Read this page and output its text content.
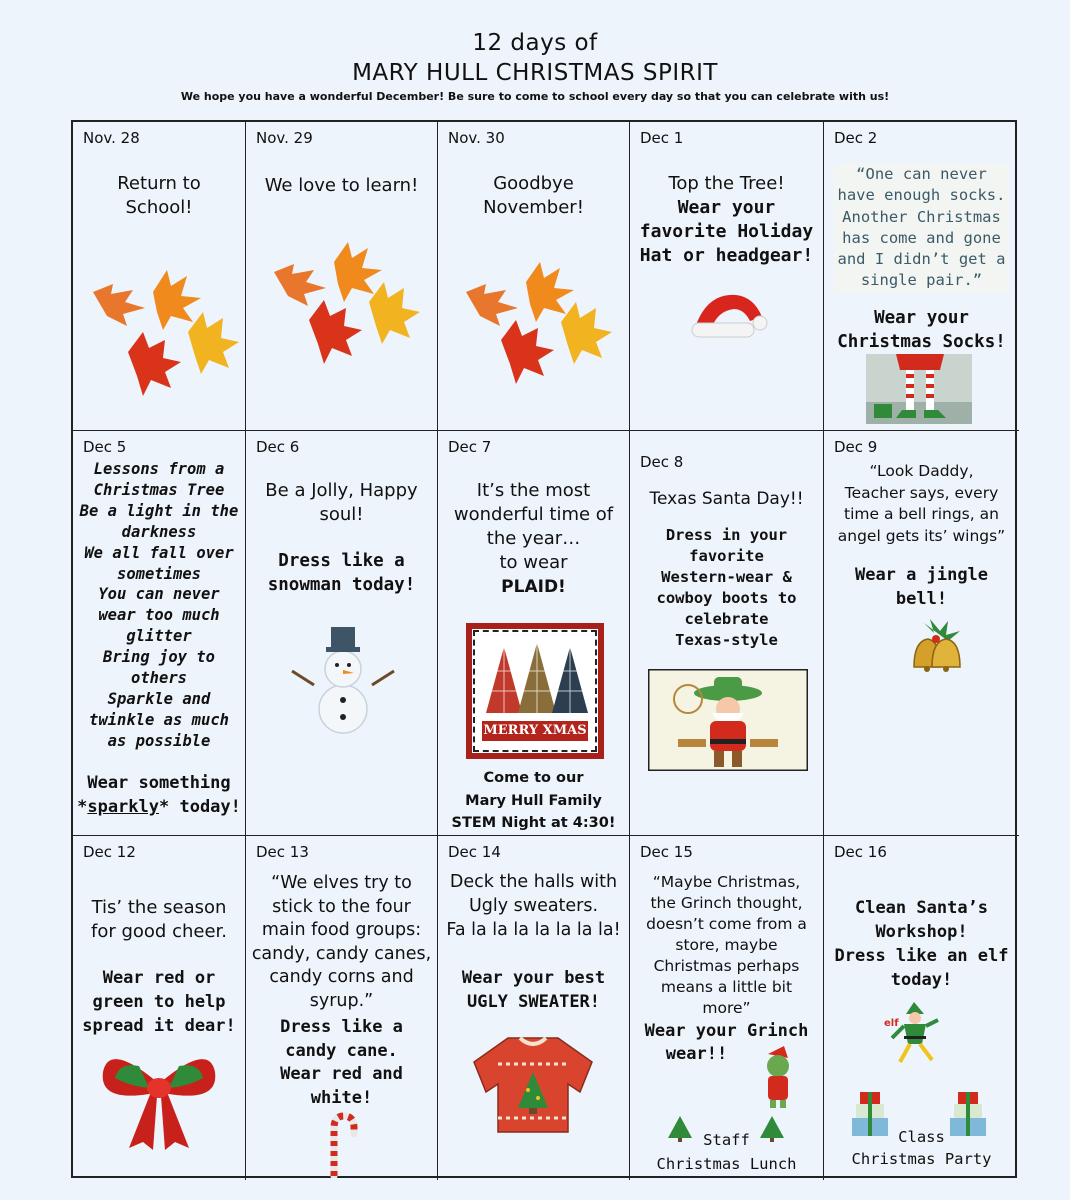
12 days of
MARY HULL CHRISTMAS SPIRIT
We hope you have a wonderful December! Be sure to come to school every day so that you can celebrate with us!
Nov. 28
Return to
School!
Nov. 29
We love to learn!
Nov. 30
Goodbye
November!
Dec 1
Top the Tree!
Wear your
favorite Holiday
Hat or headgear!
Dec 2
“One can never
have enough socks.
Another Christmas
has come and gone
and I didn’t get a
single pair.”
Wear your
Christmas Socks!
Dec 5
Lessons from a
Christmas Tree
Be a light in the
darkness
We all fall over
sometimes
You can never
wear too much
glitter
Bring joy to
others
Sparkle and
twinkle as much
as possible
Wear something
*sparkly* today!
Dec 6
Be a Jolly, Happy
soul!
Dress like a
snowman today!
Dec 7
It’s the most
wonderful time of
the year…
to wear
PLAID!
MERRY XMAS
Come to our
Mary Hull Family
STEM Night at 4:30!
Dec 8
Texas Santa Day!!
Dress in your
favorite
Western-wear &
cowboy boots to
celebrate
Texas-style
Dec 9
“Look Daddy,
Teacher says, every
time a bell rings, an
angel gets its’ wings”
Wear a jingle bell!
Dec 12
Tis’ the season
for good cheer.
Wear red or
green to help
spread it dear!
Dec 13
“We elves try to
stick to the four
main food groups:
candy, candy canes,
candy corns and
syrup.”
Dress like a
candy cane.
Wear red and
white!
Dec 14
Deck the halls with
Ugly sweaters.
Fa la la la la la la la!
Wear your best
UGLY SWEATER!
Dec 15
“Maybe Christmas,
the Grinch thought,
doesn’t come from a
store, maybe
Christmas perhaps
means a little bit
more”
Wear your Grinch
wear!!
Staff
Christmas Lunch
Dec 16
Clean Santa’s
Workshop!
Dress like an elf
today!
elf
Class
Christmas Party
